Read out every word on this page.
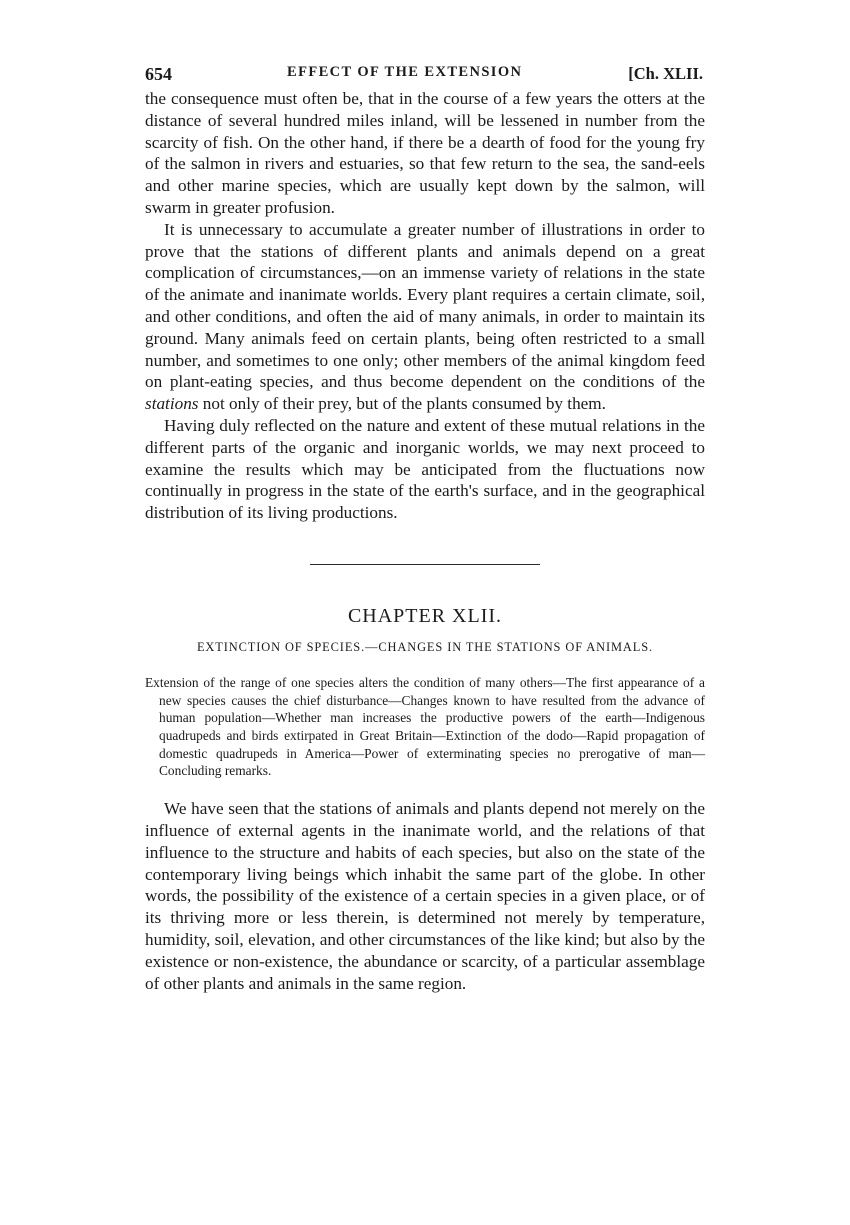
654	EFFECT OF THE EXTENSION	[Ch. XLII.

the consequence must often be, that in the course of a few years the otters at the distance of several hundred miles inland, will be lessened in number from the scarcity of fish. On the other hand, if there be a dearth of food for the young fry of the salmon in rivers and estuaries, so that few return to the sea, the sand-eels and other marine species, which are usually kept down by the salmon, will swarm in greater profusion.

It is unnecessary to accumulate a greater number of illustrations in order to prove that the stations of different plants and animals depend on a great complication of circumstances,—on an immense variety of relations in the state of the animate and inanimate worlds. Every plant requires a certain climate, soil, and other conditions, and often the aid of many animals, in order to maintain its ground. Many animals feed on certain plants, being often restricted to a small number, and sometimes to one only; other members of the animal kingdom feed on plant-eating species, and thus become dependent on the conditions of the stations not only of their prey, but of the plants consumed by them.

Having duly reflected on the nature and extent of these mutual relations in the different parts of the organic and inorganic worlds, we may next proceed to examine the results which may be anticipated from the fluctuations now continually in progress in the state of the earth's surface, and in the geographical distribution of its living productions.

CHAPTER XLII.
EXTINCTION OF SPECIES.—CHANGES IN THE STATIONS OF ANIMALS.
Extension of the range of one species alters the condition of many others—The first appearance of a new species causes the chief disturbance—Changes known to have resulted from the advance of human population—Whether man increases the productive powers of the earth—Indigenous quadrupeds and birds extirpated in Great Britain—Extinction of the dodo—Rapid propagation of domestic quadrupeds in America—Power of exterminating species no prerogative of man—Concluding remarks.

We have seen that the stations of animals and plants depend not merely on the influence of external agents in the inanimate world, and the relations of that influence to the structure and habits of each species, but also on the state of the contemporary living beings which inhabit the same part of the globe. In other words, the possibility of the existence of a certain species in a given place, or of its thriving more or less therein, is determined not merely by temperature, humidity, soil, elevation, and other circumstances of the like kind; but also by the existence or non-existence, the abundance or scarcity, of a particular assemblage of other plants and animals in the same region.
